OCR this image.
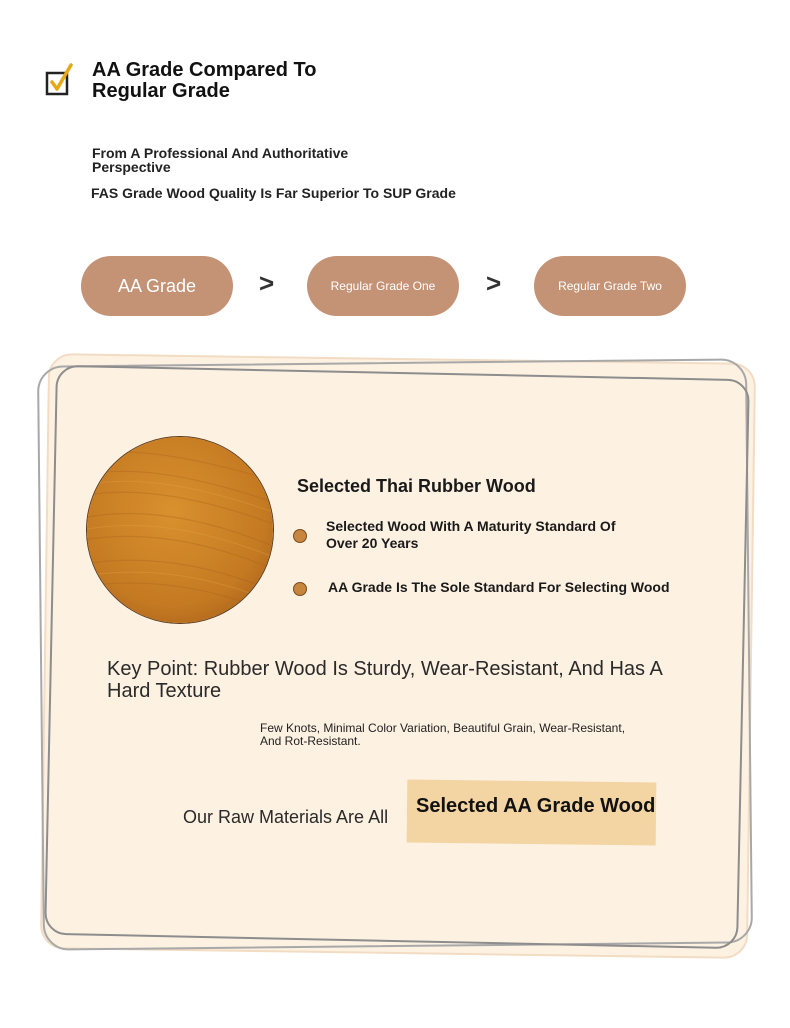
AA Grade Compared To Regular Grade
From A Professional And Authoritative Perspective
FAS Grade Wood Quality Is Far Superior To SUP Grade
AA Grade	>	Regular Grade One	>	Regular Grade Two
Selected Thai Rubber Wood
Selected Wood With A Maturity Standard Of Over 20 Years
AA Grade Is The Sole Standard For Selecting Wood
Key Point: Rubber Wood Is Sturdy, Wear-Resistant, And Has A Hard Texture
Few Knots, Minimal Color Variation, Beautiful Grain, Wear-Resistant, And Rot-Resistant.
Our Raw Materials Are All Selected AA Grade Wood
